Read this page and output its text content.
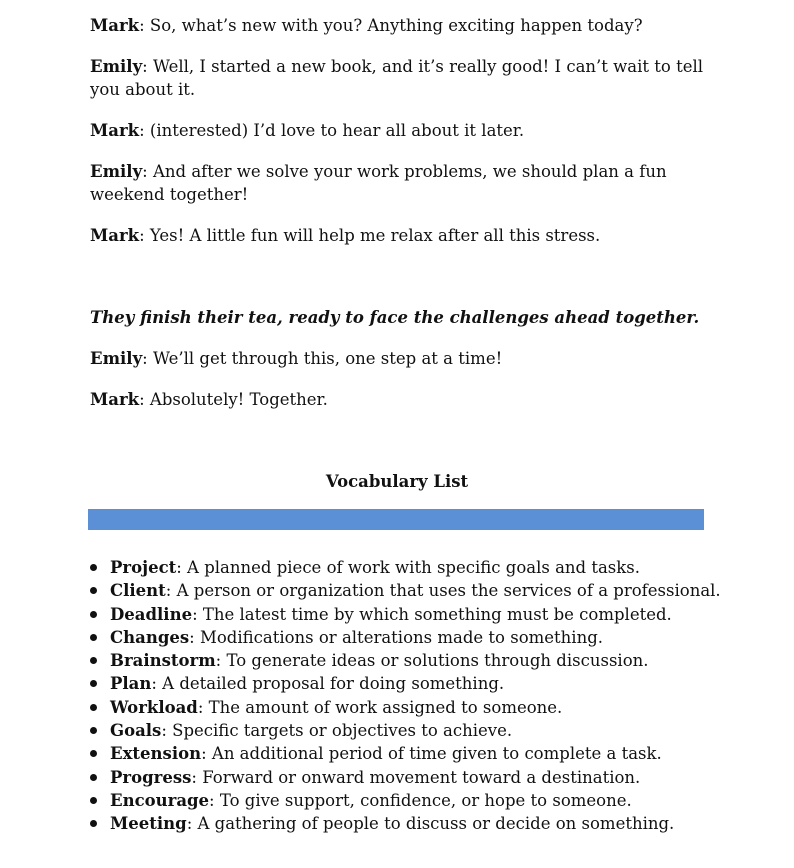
Mark: So, what’s new with you? Anything exciting happen today?

Emily: Well, I started a new book, and it’s really good! I can’t wait to tell you about it.

Mark: (interested) I’d love to hear all about it later.

Emily: And after we solve your work problems, we should plan a fun weekend together!

Mark: Yes! A little fun will help me relax after all this stress.

They finish their tea, ready to face the challenges ahead together.

Emily: We’ll get through this, one step at a time!

Mark: Absolutely! Together.

Vocabulary List
Project: A planned piece of work with specific goals and tasks.
Client: A person or organization that uses the services of a professional.
Deadline: The latest time by which something must be completed.
Changes: Modifications or alterations made to something.
Brainstorm: To generate ideas or solutions through discussion.
Plan: A detailed proposal for doing something.
Workload: The amount of work assigned to someone.
Goals: Specific targets or objectives to achieve.
Extension: An additional period of time given to complete a task.
Progress: Forward or onward movement toward a destination.
Encourage: To give support, confidence, or hope to someone.
Meeting: A gathering of people to discuss or decide on something.
